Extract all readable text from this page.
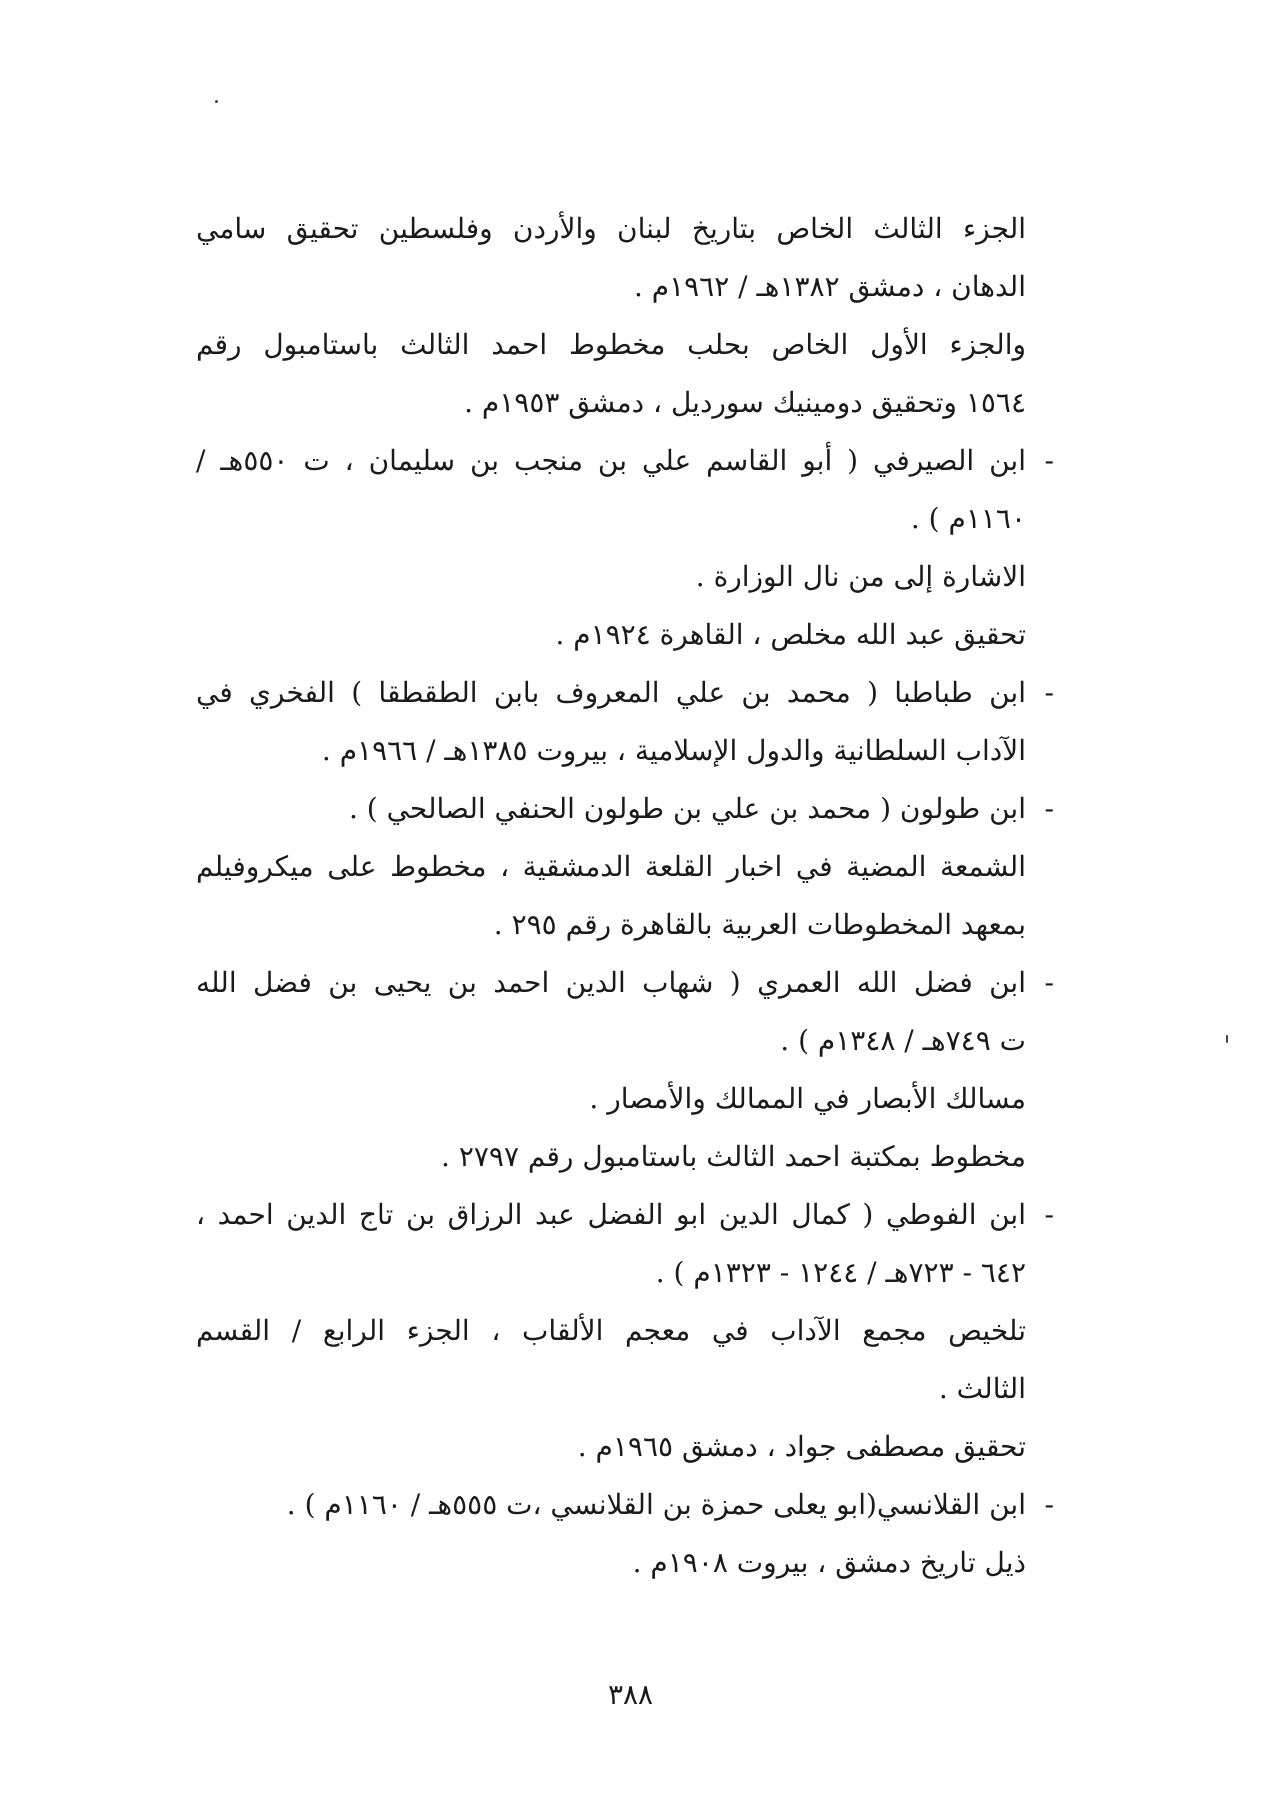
الجزء الثالث الخاص بتاريخ لبنان والأردن وفلسطين تحقيق سامي
الدهان ، دمشق ١٣٨٢هـ / ١٩٦٢م .
والجزء الأول الخاص بحلب مخطوط احمد الثالث باستامبول رقم
١٥٦٤ وتحقيق دومينيك سورديل ، دمشق ١٩٥٣م .
-
ابن الصيرفي ( أبو القاسم علي بن منجب بن سليمان ، ت ٥٥٠هـ /
١١٦٠م ) .
الاشارة إلى من نال الوزارة .
تحقيق عبد الله مخلص ، القاهرة ١٩٢٤م .
-
ابن طباطبا ( محمد بن علي المعروف بابن الطقطقا ) الفخري في
الآداب السلطانية والدول الإسلامية ، بيروت ١٣٨٥هـ / ١٩٦٦م .
-
ابن طولون ( محمد بن علي بن طولون الحنفي الصالحي ) .
الشمعة المضية في اخبار القلعة الدمشقية ، مخطوط على ميكروفيلم
بمعهد المخطوطات العربية بالقاهرة رقم ٢٩٥ .
-
ابن فضل الله العمري ( شهاب الدين احمد بن يحيى بن فضل الله
ت ٧٤٩هـ / ١٣٤٨م ) .
مسالك الأبصار في الممالك والأمصار .
مخطوط بمكتبة احمد الثالث باستامبول رقم ٢٧٩٧ .
-
ابن الفوطي ( كمال الدين ابو الفضل عبد الرزاق بن تاج الدين احمد ،
٦٤٢ - ٧٢٣هـ / ١٢٤٤ - ١٣٢٣م ) .
تلخيص مجمع الآداب في معجم الألقاب ، الجزء الرابع / القسم
الثالث .
تحقيق مصطفى جواد ، دمشق ١٩٦٥م .
-
ابن القلانسي(ابو يعلى حمزة بن القلانسي ،ت ٥٥٥هـ / ١١٦٠م ) .
ذيل تاريخ دمشق ، بيروت ١٩٠٨م .
٣٨٨
